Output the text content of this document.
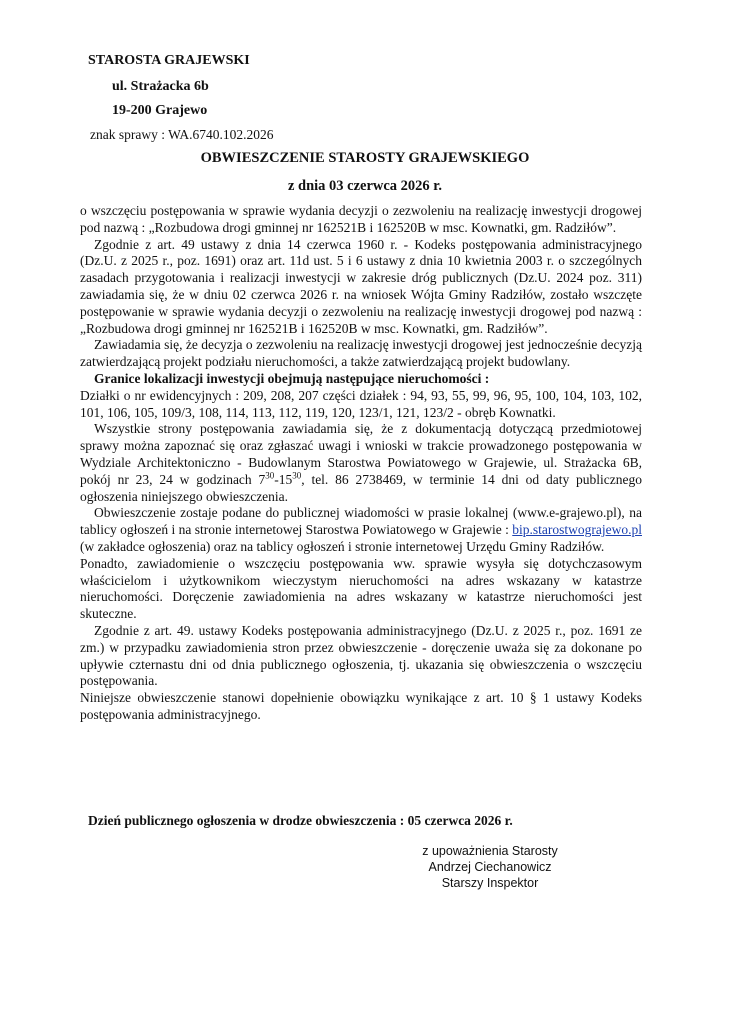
STAROSTA GRAJEWSKI
ul. Strażacka 6b
19-200 Grajewo
znak sprawy : WA.6740.102.2026
OBWIESZCZENIE STAROSTY GRAJEWSKIEGO
z dnia 03 czerwca 2026 r.

o wszczęciu postępowania w sprawie wydania decyzji o zezwoleniu na realizację inwestycji drogowej pod nazwą : „Rozbudowa drogi gminnej nr 162521B i 162520B w msc. Kownatki, gm. Radziłów”.

Zgodnie z art. 49 ustawy z dnia 14 czerwca 1960 r. - Kodeks postępowania administracyjnego (Dz.U. z 2025 r., poz. 1691) oraz art. 11d ust. 5 i 6 ustawy z dnia 10 kwietnia 2003 r. o szczególnych zasadach przygotowania i realizacji inwestycji w zakresie dróg publicznych (Dz.U. 2024 poz. 311) zawiadamia się, że w dniu 02 czerwca 2026 r. na wniosek Wójta Gminy Radziłów, zostało wszczęte postępowanie w sprawie wydania decyzji o zezwoleniu na realizację inwestycji drogowej pod nazwą : „Rozbudowa drogi gminnej nr 162521B i 162520B w msc. Kownatki, gm. Radziłów”.

Zawiadamia się, że decyzja o zezwoleniu na realizację inwestycji drogowej jest jednocześnie decyzją zatwierdzającą projekt podziału nieruchomości, a także zatwierdzającą projekt budowlany.

Granice lokalizacji inwestycji obejmują następujące nieruchomości :

Działki o nr ewidencyjnych : 209, 208, 207 części działek : 94, 93, 55, 99, 96, 95, 100, 104, 103, 102, 101, 106, 105, 109/3, 108, 114, 113, 112, 119, 120, 123/1, 121, 123/2 - obręb Kownatki.

Wszystkie strony postępowania zawiadamia się, że z dokumentacją dotyczącą przedmiotowej sprawy można zapoznać się oraz zgłaszać uwagi i wnioski w trakcie prowadzonego postępowania w Wydziale Architektoniczno - Budowlanym Starostwa Powiatowego w Grajewie, ul. Strażacka 6B, pokój nr 23, 24 w godzinach $7^{30}-15^{30}$, tel. 86 2738469, w terminie 14 dni od daty publicznego ogłoszenia niniejszego obwieszczenia.

Obwieszczenie zostaje podane do publicznej wiadomości w prasie lokalnej (www.e-grajewo.pl), na tablicy ogłoszeń i na stronie internetowej Starostwa Powiatowego w Grajewie : bip.starostwograjewo.pl (w zakładce ogłoszenia) oraz na tablicy ogłoszeń i stronie internetowej Urzędu Gminy Radziłów.

Ponadto, zawiadomienie o wszczęciu postępowania ww. sprawie wysyła się dotychczasowym właścicielom i użytkownikom wieczystym nieruchomości na adres wskazany w katastrze nieruchomości. Doręczenie zawiadomienia na adres wskazany w katastrze nieruchomości jest skuteczne.

Zgodnie z art. 49. ustawy Kodeks postępowania administracyjnego (Dz.U. z 2025 r., poz. 1691 ze zm.) w przypadku zawiadomienia stron przez obwieszczenie - doręczenie uważa się za dokonane po upływie czternastu dni od dnia publicznego ogłoszenia, tj. ukazania się obwieszczenia o wszczęciu postępowania.

Niniejsze obwieszczenie stanowi dopełnienie obowiązku wynikające z art. 10 § 1 ustawy Kodeks postępowania administracyjnego.

Dzień publicznego ogłoszenia w drodze obwieszczenia : 05 czerwca 2026 r.
z upoważnienia Starosty
Andrzej Ciechanowicz
Starszy Inspektor
